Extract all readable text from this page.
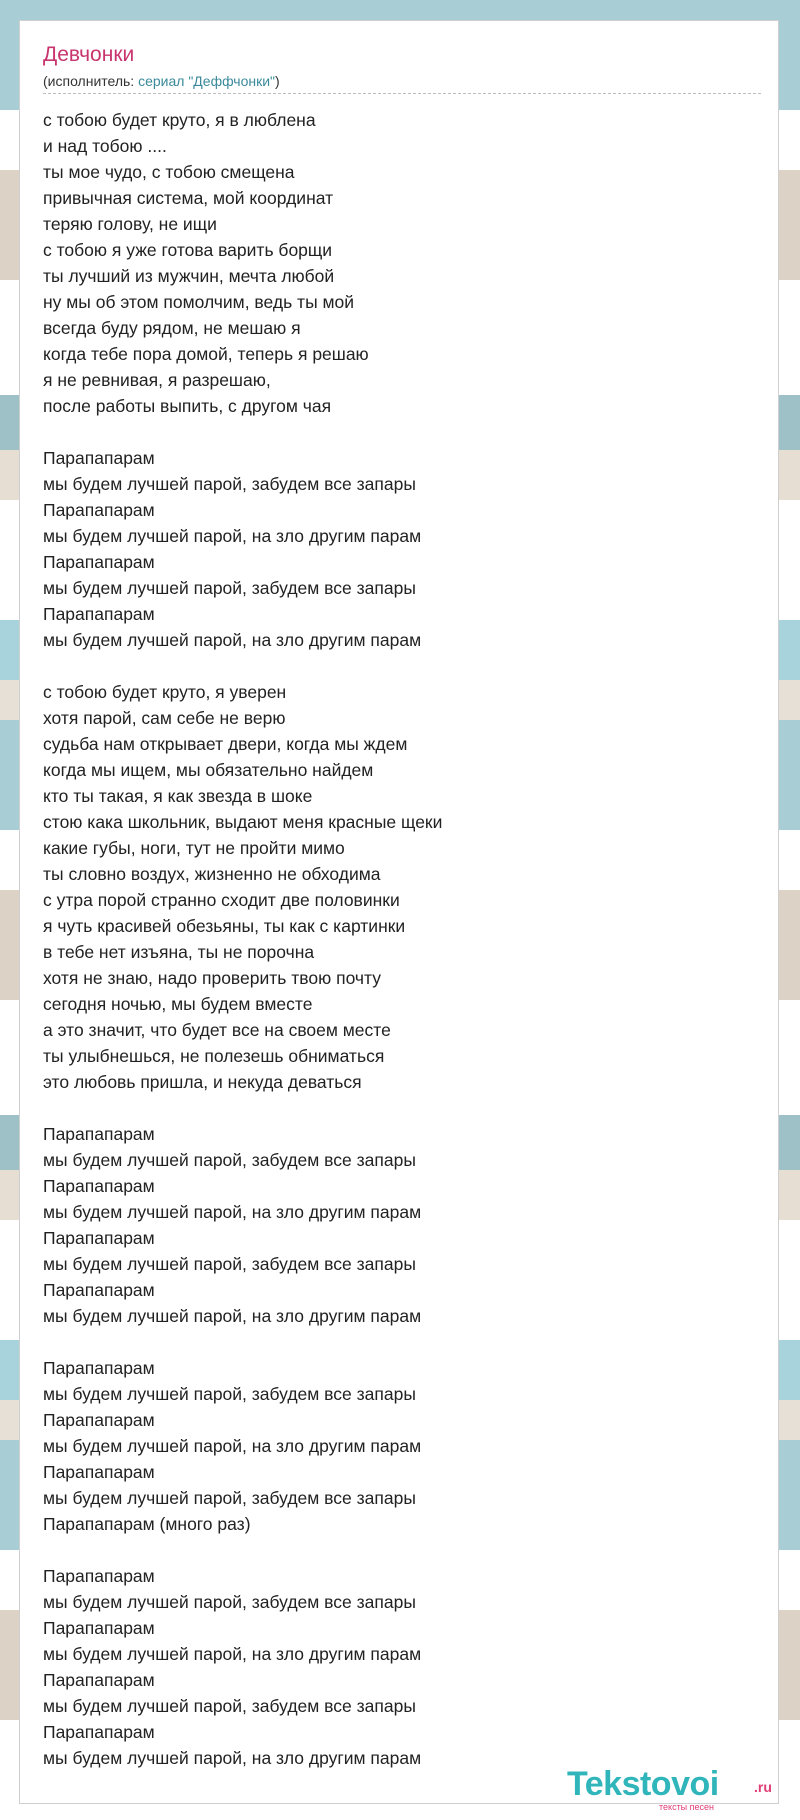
Девчонки
(исполнитель: сериал "Деффчонки")
с тобою будет круто, я в люблена
и над тобою ....
ты мое чудо, с тобою смещена
привычная система, мой координат
теряю голову, не ищи
с тобою я уже готова варить борщи
ты лучший из мужчин, мечта любой
ну мы об этом помолчим, ведь ты мой
всегда буду рядом, не мешаю я
когда тебе пора домой, теперь я решаю
я не ревнивая, я разрешаю,
после работы выпить, с другом чая
Парапапарам
мы будем лучшей парой, забудем все запары
Парапапарам
мы будем лучшей парой, на зло другим парам
Парапапарам
мы будем лучшей парой, забудем все запары
Парапапарам
мы будем лучшей парой, на зло другим парам
с тобою будет круто, я уверен
хотя парой, сам себе не верю
судьба нам открывает двери, когда мы ждем
когда мы ищем, мы обязательно найдем
кто ты такая, я как звезда в шоке
стою кака школьник, выдают меня красные щеки
какие губы, ноги, тут не пройти мимо
ты словно воздух, жизненно не обходима
с утра порой странно сходит две половинки
я чуть красивей обезьяны, ты как с картинки
в тебе нет изъяна, ты не порочна
хотя не знаю, надо проверить твою почту
сегодня ночью, мы будем вместе
а это значит, что будет все на своем месте
ты улыбнешься, не полезешь обниматься
это любовь пришла, и некуда деваться
Парапапарам
мы будем лучшей парой, забудем все запары
Парапапарам
мы будем лучшей парой, на зло другим парам
Парапапарам
мы будем лучшей парой, забудем все запары
Парапапарам
мы будем лучшей парой, на зло другим парам
Парапапарам
мы будем лучшей парой, забудем все запары
Парапапарам
мы будем лучшей парой, на зло другим парам
Парапапарам
мы будем лучшей парой, забудем все запары
Парапапарам (много раз)
Парапапарам
мы будем лучшей парой, забудем все запары
Парапапарам
мы будем лучшей парой, на зло другим парам
Парапапарам
мы будем лучшей парой, забудем все запары
Парапапарам
мы будем лучшей парой, на зло другим парам
Tekstovoi	.ru
тексты песен
